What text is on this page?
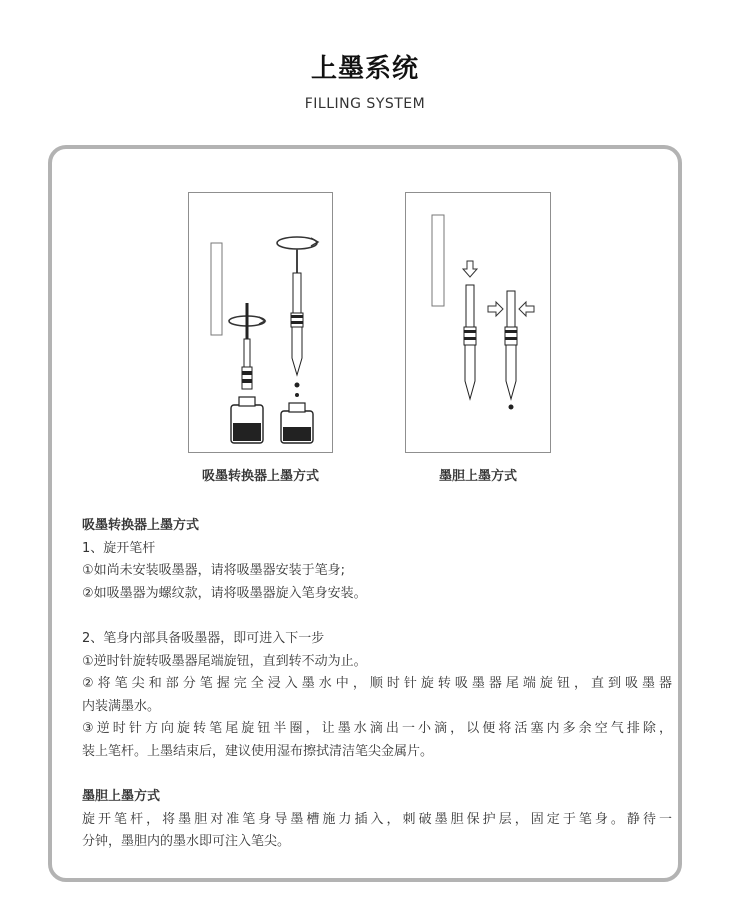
上墨系统
FILLING SYSTEM
吸墨转换器上墨方式	墨胆上墨方式
吸墨转换器上墨方式
1、旋开笔杆
①如尚未安装吸墨器，请将吸墨器安装于笔身;
②如吸墨器为螺纹款，请将吸墨器旋入笔身安装。
2、笔身内部具备吸墨器，即可进入下一步
①逆时针旋转吸墨器尾端旋钮，直到转不动为止。
②将笔尖和部分笔握完全浸入墨水中，顺时针旋转吸墨器尾端旋钮，直到吸墨器
内装满墨水。
③逆时针方向旋转笔尾旋钮半圈，让墨水滴出一小滴，以便将活塞内多余空气排除，
装上笔杆。上墨结束后，建议使用湿布擦拭清洁笔尖金属片。
墨胆上墨方式
旋开笔杆，将墨胆对准笔身导墨槽施力插入，刺破墨胆保护层，固定于笔身。静待一
分钟，墨胆内的墨水即可注入笔尖。
